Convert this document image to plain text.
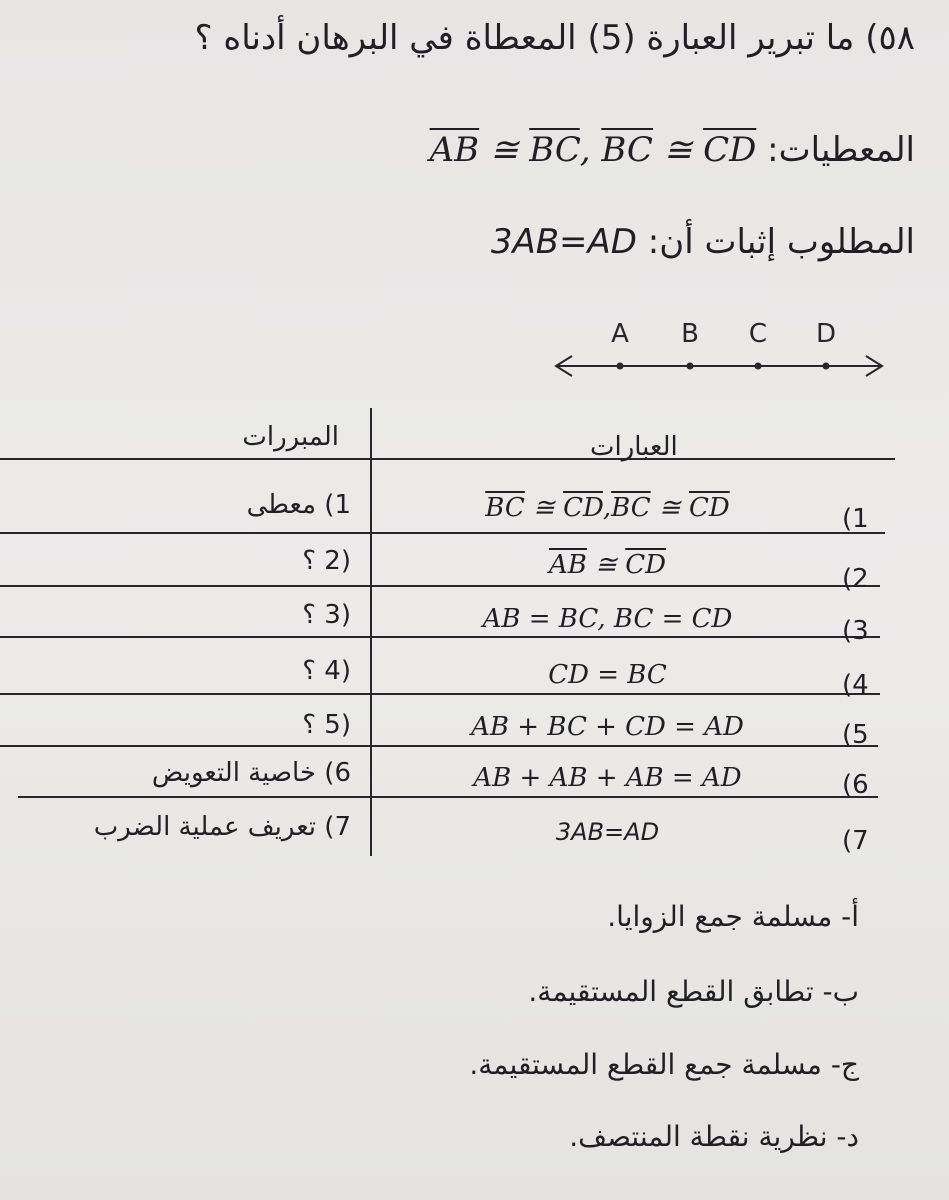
٥٨) ما تبرير العبارة (5) المعطاة في البرهان أدناه ؟
$\overline{AB}$ ≅ $\overline{BC}$, $\overline{BC}$ ≅ $\overline{CD}$ المعطيات:
3AB=AD المطلوب إثبات أن:
A B C D
المبررات	العبارات
1) معطى	$\overline{BC}$ ≅ $\overline{CD},\overline{BC}$ ≅ $\overline{CD}$	(1
(2 ؟	$\overline{AB}$ ≅ $\overline{CD}$	(2
(3 ؟	AB = BC, BC = CD	(3
(4 ؟	CD = BC	(4
(5 ؟	AB + BC + CD = AD	(5
6) خاصية التعويض	AB + AB + AB = AD	(6
7) تعريف عملية الضرب	3AB=AD	(7
أ- مسلمة جمع الزوايا.
ب- تطابق القطع المستقيمة.
ج- مسلمة جمع القطع المستقيمة.
د- نظرية نقطة المنتصف.
